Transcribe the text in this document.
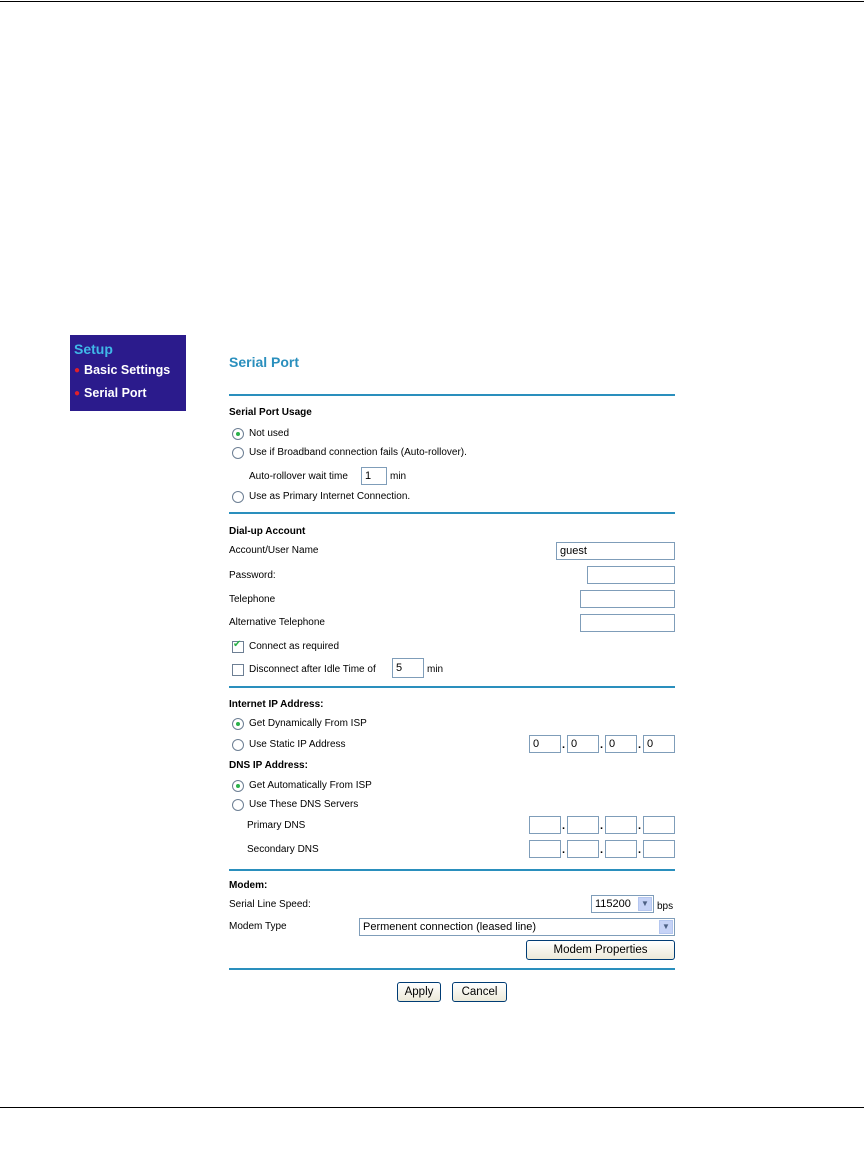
Setup
● Basic Settings
● Serial Port
Serial Port
Serial Port Usage
Not used
Use if Broadband connection fails (Auto-rollover).
Auto-rollover wait time	1	min
Use as Primary Internet Connection.
Dial-up Account
Account/User Name	guest
Password:
Telephone
Alternative Telephone
✔
Connect as required
Disconnect after Idle Time of	5	min
Internet IP Address:
Get Dynamically From ISP
Use Static IP Address	0	. 0	. 0	. 0
DNS IP Address:
Get Automatically From ISP
Use These DNS Servers
Primary DNS	.	.	.
Secondary DNS	.	.	.
Modem:
Serial Line Speed:	115200	▼ bps
Modem Type	Permenent connection (leased line)	▼
Modem Properties
Apply	Cancel
